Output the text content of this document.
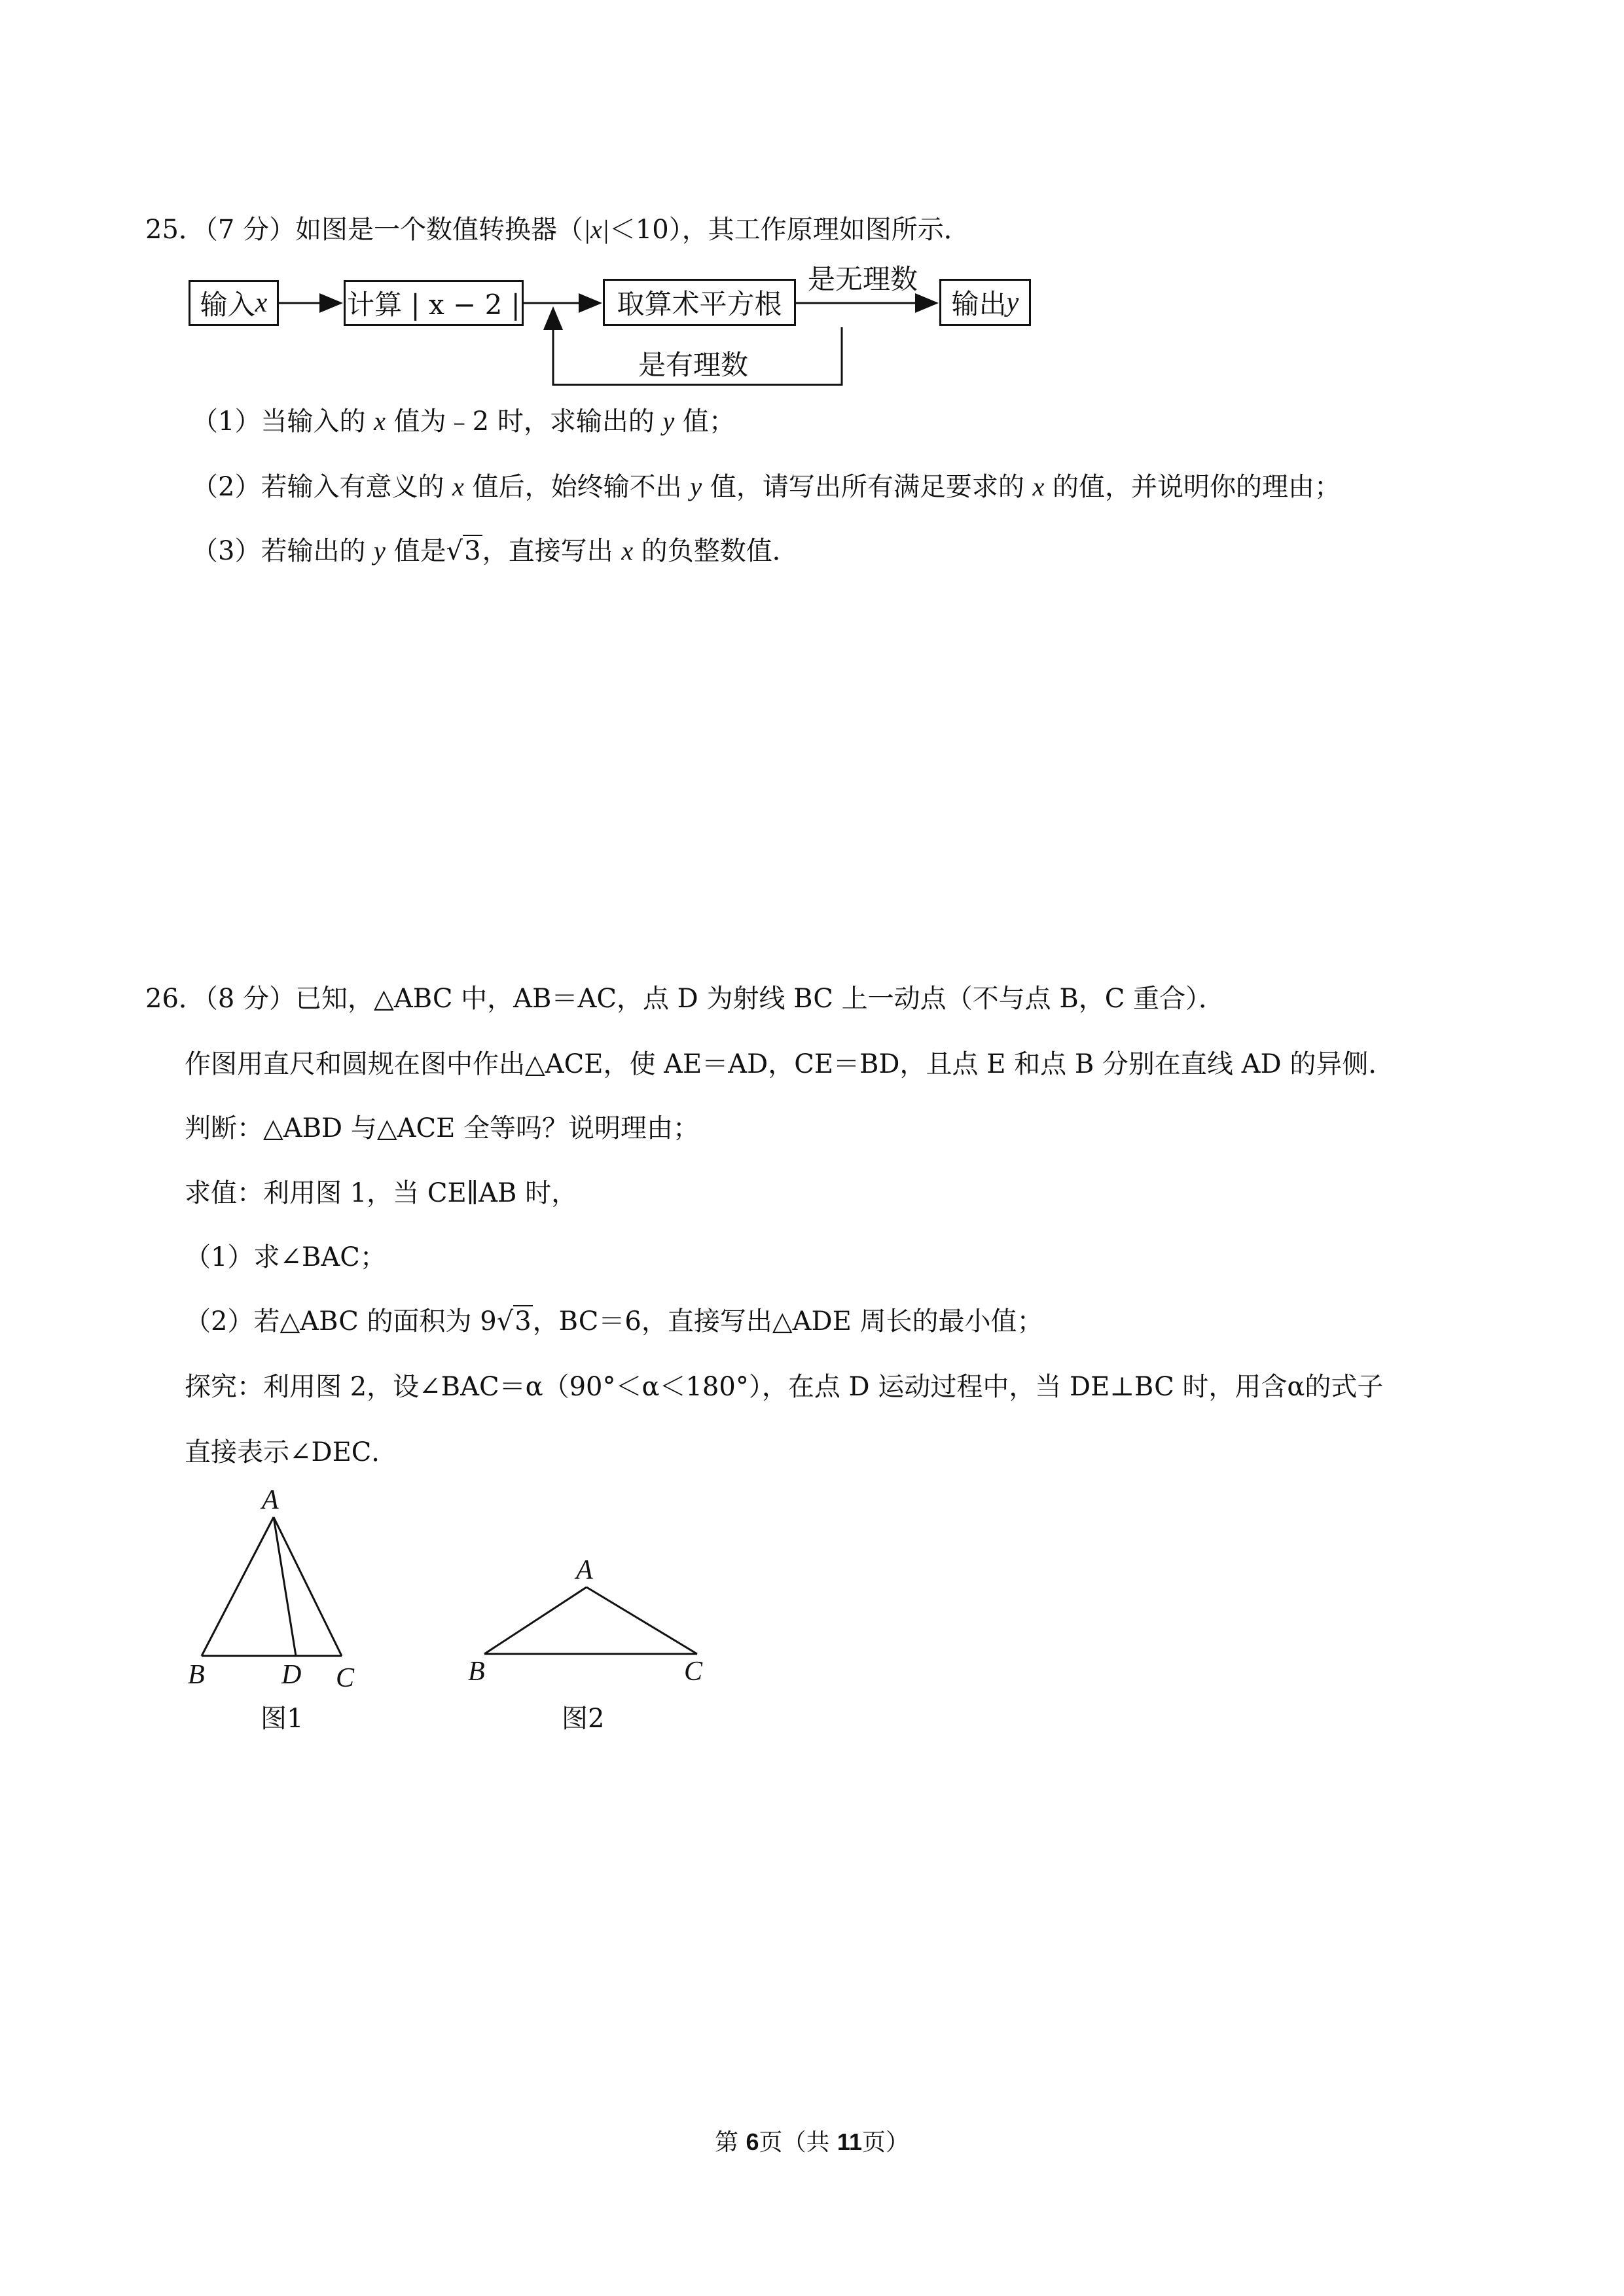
25．（7 分）如图是一个数值转换器（|x|＜10），其工作原理如图所示．
输入 x	计算 | x − 2 |	取算术平方根	输出 y
是无理数
是有理数
（1）当输入的 x 值为﹣2 时，求输出的 y 值；
（2）若输入有意义的 x 值后，始终输不出 y 值，请写出所有满足要求的 x 的值，并说明你的理由；
（3）若输出的 y 值是√3，直接写出 x 的负整数值．
26．（8 分）已知，△ABC 中，AB＝AC，点 D 为射线 BC 上一动点（不与点 B，C 重合）．
作图用直尺和圆规在图中作出△ACE，使 AE＝AD，CE＝BD，且点 E 和点 B 分别在直线 AD 的异侧．
判断：△ABD 与△ACE 全等吗？说明理由；
求值：利用图 1，当 CE∥AB 时，
（1）求∠BAC；
（2）若△ABC 的面积为 9√3，BC＝6，直接写出△ADE 周长的最小值；
探究：利用图 2，设∠BAC＝α（90°＜α＜180°），在点 D 运动过程中，当 DE⊥BC 时，用含α的式子
直接表示∠DEC．
A
B	D C
图1
A
B	C
图2
第 6页（共 11页）
